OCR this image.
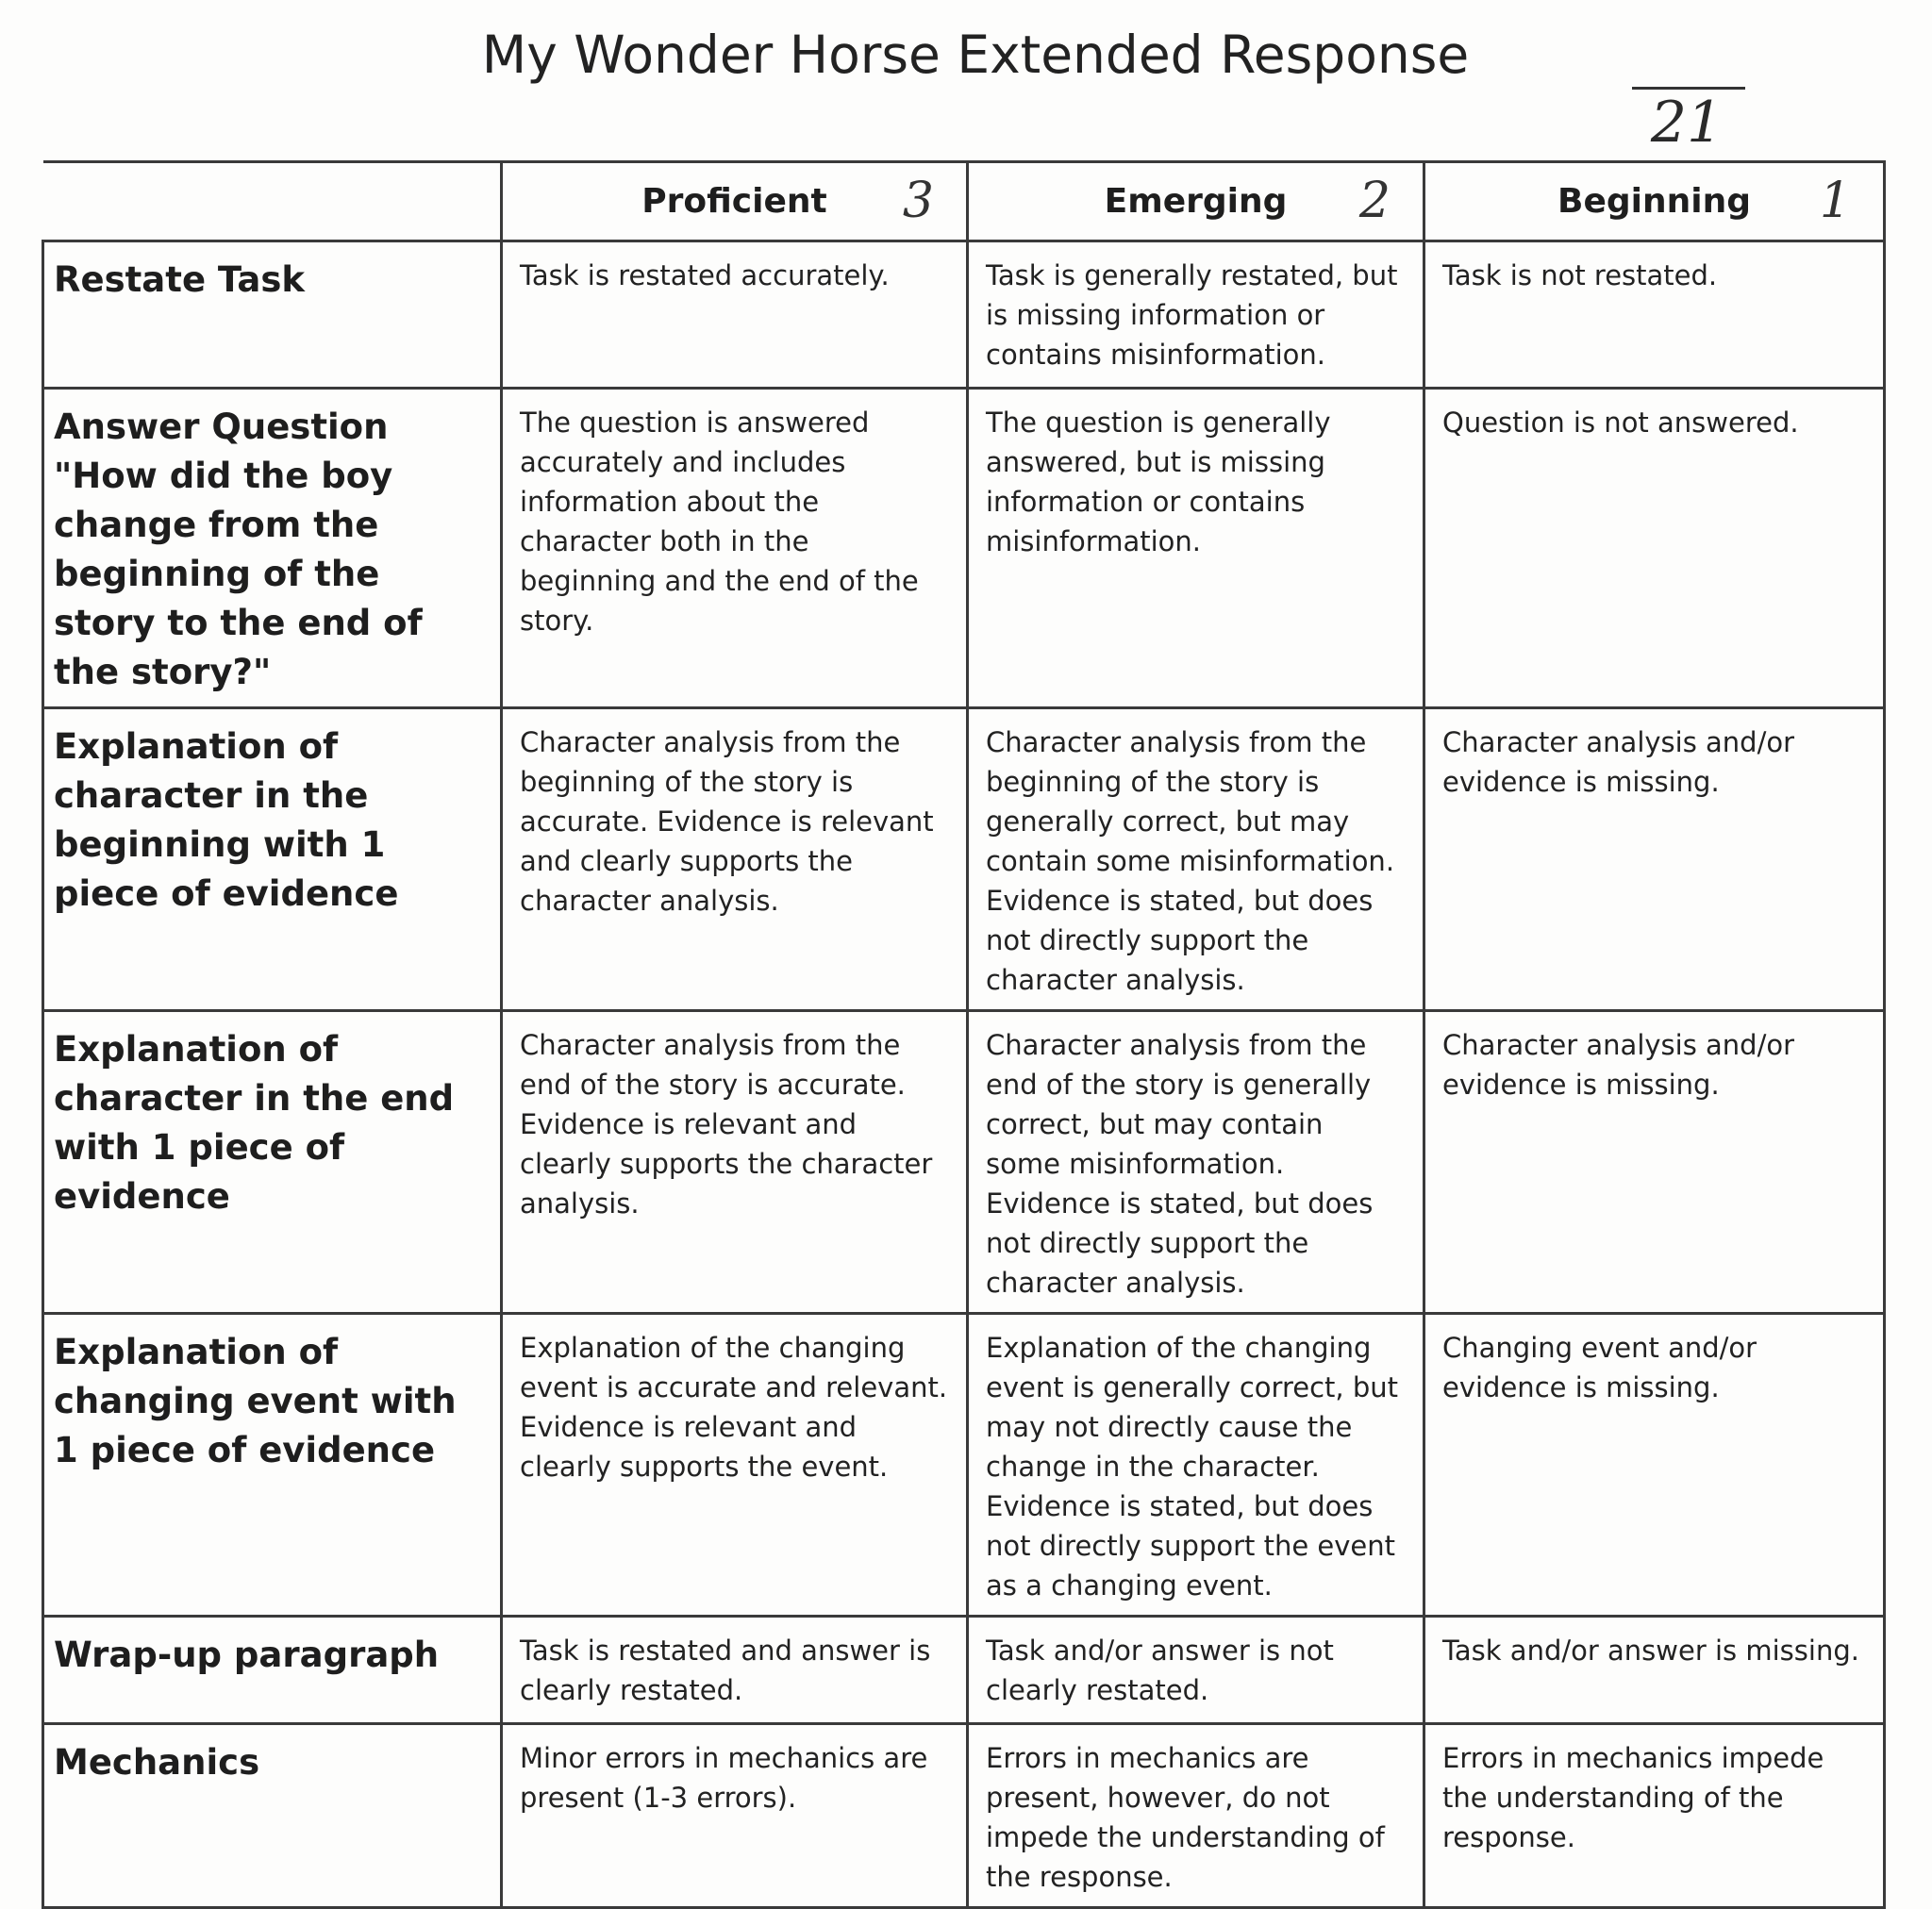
My Wonder Horse Extended Response
21

	Proficient 3	Emerging 2	Beginning 1

Restate Task	Task is restated accurately.	Task is generally restated, but is missing information or contains misinformation.	Task is not restated.
Answer Question "How did the boy change from the beginning of the story to the end of the story?"	The question is answered accurately and includes information about the character both in the beginning and the end of the story.	The question is generally answered, but is missing information or contains misinformation.	Question is not answered.
Explanation of character in the beginning with 1 piece of evidence	Character analysis from the beginning of the story is accurate. Evidence is relevant and clearly supports the character analysis.	Character analysis from the beginning of the story is generally correct, but may contain some misinformation. Evidence is stated, but does not directly support the character analysis.	Character analysis and/or evidence is missing.
Explanation of character in the end with 1 piece of evidence	Character analysis from the end of the story is accurate. Evidence is relevant and clearly supports the character analysis.	Character analysis from the end of the story is generally correct, but may contain some misinformation. Evidence is stated, but does not directly support the character analysis.	Character analysis and/or evidence is missing.
Explanation of changing event with 1 piece of evidence	Explanation of the changing event is accurate and relevant. Evidence is relevant and clearly supports the event.	Explanation of the changing event is generally correct, but may not directly cause the change in the character. Evidence is stated, but does not directly support the event as a changing event.	Changing event and/or evidence is missing.
Wrap-up paragraph	Task is restated and answer is clearly restated.	Task and/or answer is not clearly restated.	Task and/or answer is missing.
Mechanics	Minor errors in mechanics are present (1-3 errors).	Errors in mechanics are present, however, do not impede the understanding of the response.	Errors in mechanics impede the understanding of the response.
